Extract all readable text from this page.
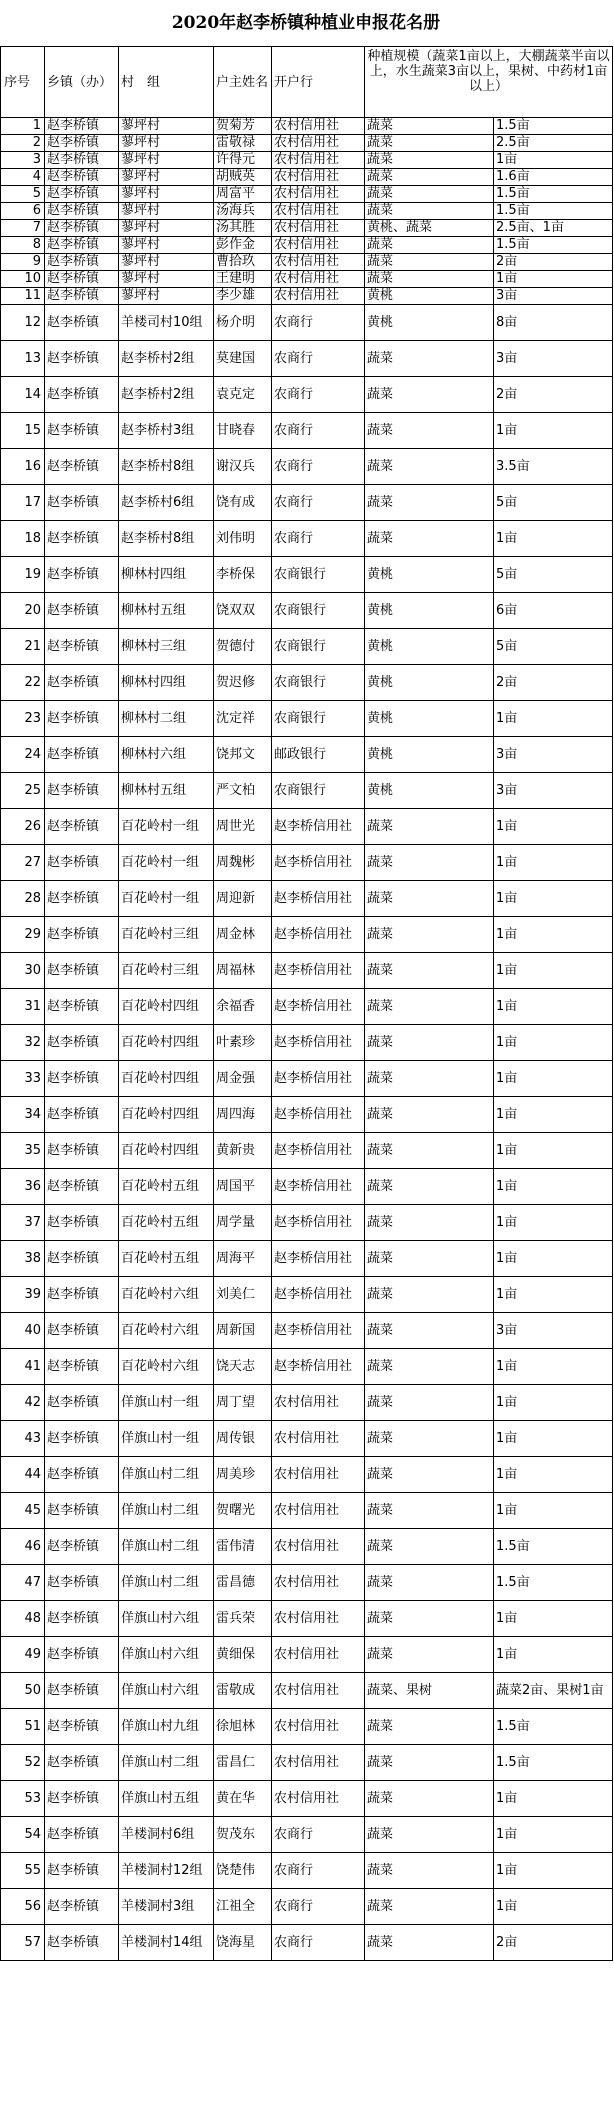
2020年赵李桥镇种植业申报花名册
序号	乡镇（办）	村　组	户主姓名	开户行	种植规模（蔬菜1亩以上，大棚蔬菜半亩以上，水生蔬菜3亩以上，果树、中药材1亩以上）	
1	赵李桥镇	蓼坪村	贺菊芳	农村信用社	蔬菜	1.5亩
2	赵李桥镇	蓼坪村	雷敬禄	农村信用社	蔬菜	2.5亩
3	赵李桥镇	蓼坪村	许得元	农村信用社	蔬菜	1亩
4	赵李桥镇	蓼坪村	胡贼英	农村信用社	蔬菜	1.6亩
5	赵李桥镇	蓼坪村	周富平	农村信用社	蔬菜	1.5亩
6	赵李桥镇	蓼坪村	汤海兵	农村信用社	蔬菜	1.5亩
7	赵李桥镇	蓼坪村	汤其胜	农村信用社	黄桃、蔬菜	2.5亩、1亩
8	赵李桥镇	蓼坪村	彭作金	农村信用社	蔬菜	1.5亩
9	赵李桥镇	蓼坪村	曹拾玖	农村信用社	蔬菜	2亩
10	赵李桥镇	蓼坪村	王建明	农村信用社	蔬菜	1亩
11	赵李桥镇	蓼坪村	李少雄	农村信用社	黄桃	3亩
12	赵李桥镇	羊楼司村10组	杨介明	农商行	黄桃	8亩
13	赵李桥镇	赵李桥村2组	莫建国	农商行	蔬菜	3亩
14	赵李桥镇	赵李桥村2组	袁克定	农商行	蔬菜	2亩
15	赵李桥镇	赵李桥村3组	甘晓春	农商行	蔬菜	1亩
16	赵李桥镇	赵李桥村8组	谢汉兵	农商行	蔬菜	3.5亩
17	赵李桥镇	赵李桥村6组	饶有成	农商行	蔬菜	5亩
18	赵李桥镇	赵李桥村8组	刘伟明	农商行	蔬菜	1亩
19	赵李桥镇	柳林村四组	李桥保	农商银行	黄桃	5亩
20	赵李桥镇	柳林村五组	饶双双	农商银行	黄桃	6亩
21	赵李桥镇	柳林村三组	贺德付	农商银行	黄桃	5亩
22	赵李桥镇	柳林村四组	贺迟修	农商银行	黄桃	2亩
23	赵李桥镇	柳林村二组	沈定祥	农商银行	黄桃	1亩
24	赵李桥镇	柳林村六组	饶邦文	邮政银行	黄桃	3亩
25	赵李桥镇	柳林村五组	严文柏	农商银行	黄桃	3亩
26	赵李桥镇	百花岭村一组	周世光	赵李桥信用社	蔬菜	1亩
27	赵李桥镇	百花岭村一组	周魏彬	赵李桥信用社	蔬菜	1亩
28	赵李桥镇	百花岭村一组	周迎新	赵李桥信用社	蔬菜	1亩
29	赵李桥镇	百花岭村三组	周金林	赵李桥信用社	蔬菜	1亩
30	赵李桥镇	百花岭村三组	周福林	赵李桥信用社	蔬菜	1亩
31	赵李桥镇	百花岭村四组	余福香	赵李桥信用社	蔬菜	1亩
32	赵李桥镇	百花岭村四组	叶素珍	赵李桥信用社	蔬菜	1亩
33	赵李桥镇	百花岭村四组	周金强	赵李桥信用社	蔬菜	1亩
34	赵李桥镇	百花岭村四组	周四海	赵李桥信用社	蔬菜	1亩
35	赵李桥镇	百花岭村四组	黄新贵	赵李桥信用社	蔬菜	1亩
36	赵李桥镇	百花岭村五组	周国平	赵李桥信用社	蔬菜	1亩
37	赵李桥镇	百花岭村五组	周学量	赵李桥信用社	蔬菜	1亩
38	赵李桥镇	百花岭村五组	周海平	赵李桥信用社	蔬菜	1亩
39	赵李桥镇	百花岭村六组	刘美仁	赵李桥信用社	蔬菜	1亩
40	赵李桥镇	百花岭村六组	周新国	赵李桥信用社	蔬菜	3亩
41	赵李桥镇	百花岭村六组	饶天志	赵李桥信用社	蔬菜	1亩
42	赵李桥镇	佯旗山村一组	周丁望	农村信用社	蔬菜	1亩
43	赵李桥镇	佯旗山村一组	周传银	农村信用社	蔬菜	1亩
44	赵李桥镇	佯旗山村二组	周美珍	农村信用社	蔬菜	1亩
45	赵李桥镇	佯旗山村二组	贺曙光	农村信用社	蔬菜	1亩
46	赵李桥镇	佯旗山村二组	雷伟清	农村信用社	蔬菜	1.5亩
47	赵李桥镇	佯旗山村二组	雷昌德	农村信用社	蔬菜	1.5亩
48	赵李桥镇	佯旗山村六组	雷兵荣	农村信用社	蔬菜	1亩
49	赵李桥镇	佯旗山村六组	黄细保	农村信用社	蔬菜	1亩
50	赵李桥镇	佯旗山村六组	雷敬成	农村信用社	蔬菜、果树	蔬菜2亩、果树1亩
51	赵李桥镇	佯旗山村九组	徐旭林	农村信用社	蔬菜	1.5亩
52	赵李桥镇	佯旗山村二组	雷昌仁	农村信用社	蔬菜	1.5亩
53	赵李桥镇	佯旗山村五组	黄在华	农村信用社	蔬菜	1亩
54	赵李桥镇	羊楼洞村6组	贺茂东	农商行	蔬菜	1亩
55	赵李桥镇	羊楼洞村12组	饶楚伟	农商行	蔬菜	1亩
56	赵李桥镇	羊楼洞村3组	江祖全	农商行	蔬菜	1亩
57	赵李桥镇	羊楼洞村14组	饶海星	农商行	蔬菜	2亩
